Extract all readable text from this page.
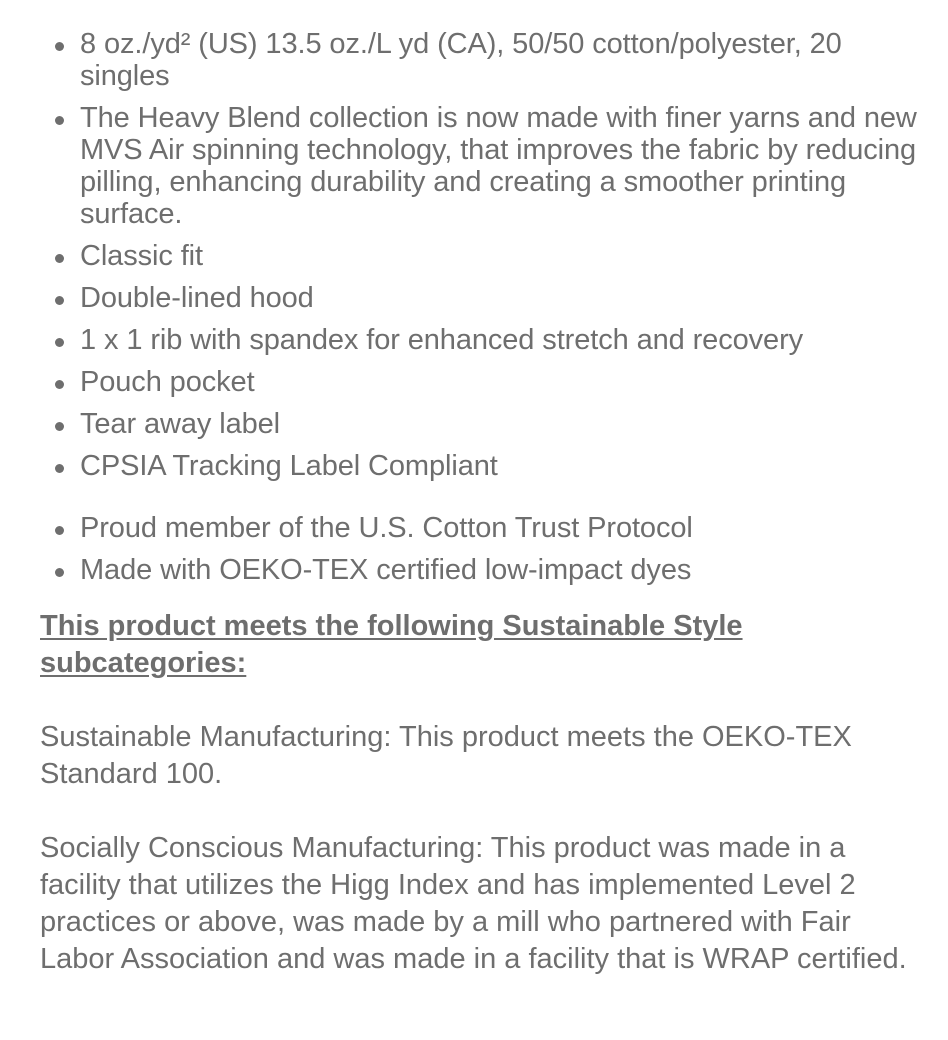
8 oz./yd² (US) 13.5 oz./L yd (CA), 50/50 cotton/polyester, 20 singles
The Heavy Blend collection is now made with finer yarns and new MVS Air spinning technology, that improves the fabric by reducing pilling, enhancing durability and creating a smoother printing surface.
Classic fit
Double-lined hood
1 x 1 rib with spandex for enhanced stretch and recovery
Pouch pocket
Tear away label
CPSIA Tracking Label Compliant
Proud member of the U.S. Cotton Trust Protocol
Made with OEKO-TEX certified low-impact dyes

This product meets the following Sustainable Style subcategories:

Sustainable Manufacturing: This product meets the OEKO-TEX Standard 100.

Socially Conscious Manufacturing: This product was made in a facility that utilizes the Higg Index and has implemented Level 2 practices or above, was made by a mill who partnered with Fair Labor Association and was made in a facility that is WRAP certified.
